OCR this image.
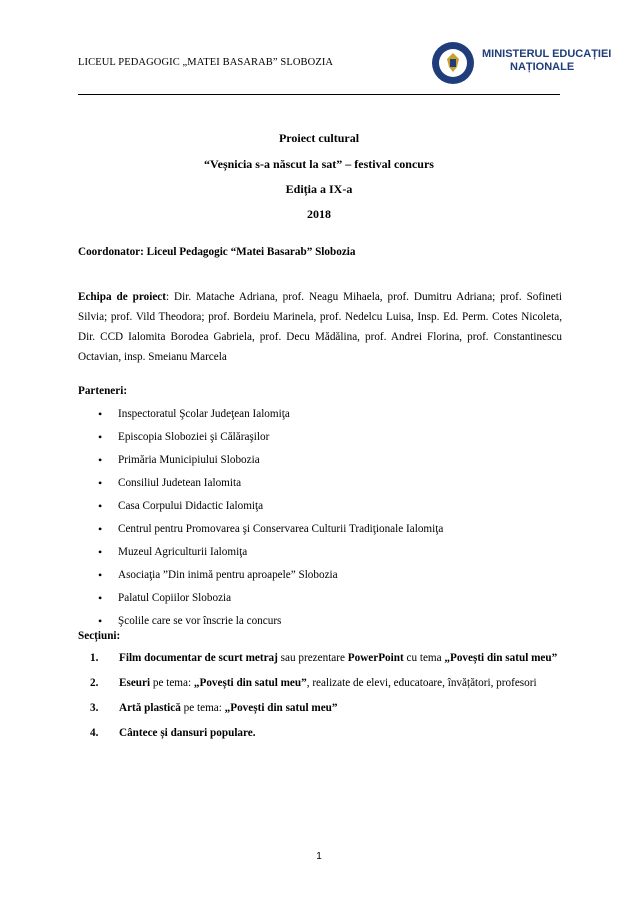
LICEUL PEDAGOGIC „MATEI BASARAB” SLOBOZIA
MINISTERUL EDUCAȚIEI
NAȚIONALE
Proiect cultural
“Veșnicia s-a născut la sat” – festival concurs
Ediția a IX-a
2018
Coordonator: Liceul Pedagogic “Matei Basarab” Slobozia
Echipa de proiect: Dir. Matache Adriana, prof. Neagu Mihaela, prof. Dumitru Adriana; prof. Sofineti Silvia; prof. Vild Theodora; prof. Bordeiu Marinela, prof. Nedelcu Luisa, Insp. Ed. Perm. Cotes Nicoleta, Dir. CCD Ialomita Borodea Gabriela, prof. Decu Mădălina, prof. Andrei Florina, prof. Constantinescu Octavian, insp. Smeianu Marcela
Parteneri:
• Inspectoratul Şcolar Judeţean Ialomiţa
• Episcopia Sloboziei şi Călăraşilor
• Primăria Municipiului Slobozia
• Consiliul Judetean Ialomita
• Casa Corpului Didactic Ialomiţa
• Centrul pentru Promovarea şi Conservarea Culturii Tradiţionale Ialomiţa
• Muzeul Agriculturii Ialomiţa
• Asociaţia ”Din inimă pentru aproapele” Slobozia
• Palatul Copiilor Slobozia
• Şcolile care se vor înscrie la concurs
Secțiuni:
1. Film documentar de scurt metraj sau prezentare PowerPoint cu tema „Povești din satul meu”
2. Eseuri pe tema: „Povești din satul meu”, realizate de elevi, educatoare, învățători, profesori
3. Artă plastică pe tema: „Povești din satul meu”
4. Cântece și dansuri populare.
1
